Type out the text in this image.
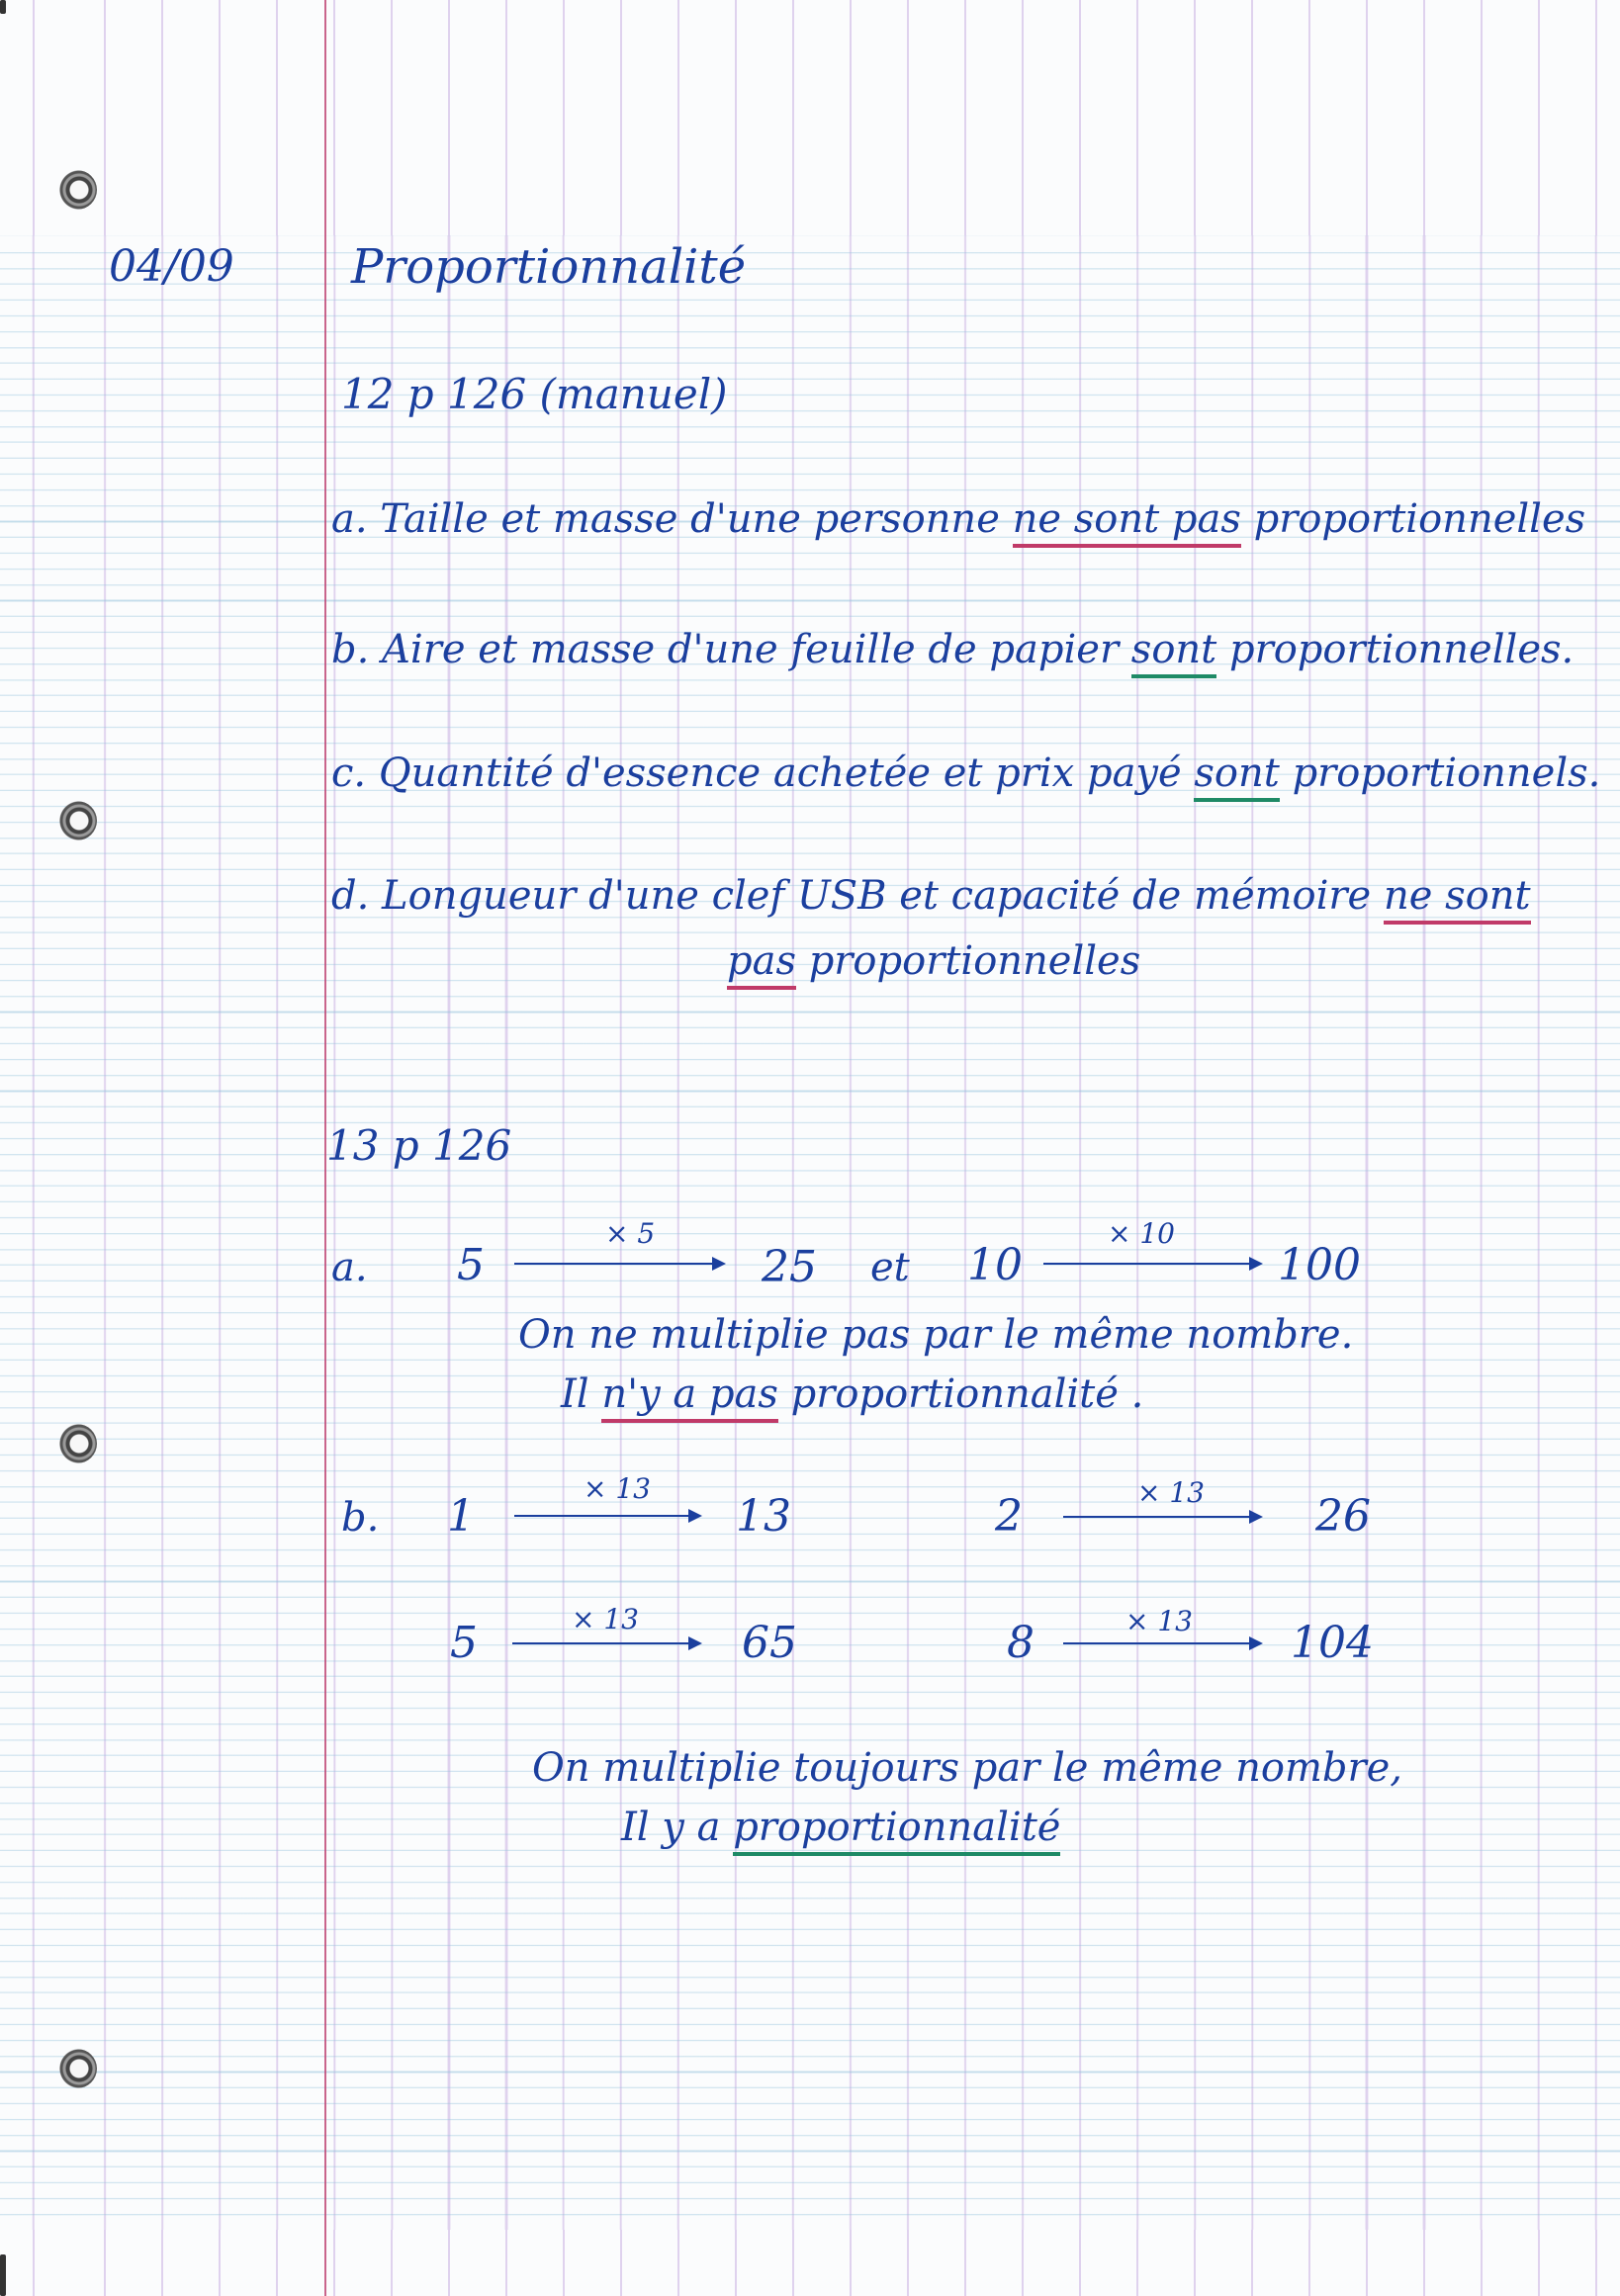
04/09 Proportionnalité
12 p 126 (manuel)
a. Taille et masse d'une personne ne sont pas proportionnelles
b. Aire et masse d'une feuille de papier sont proportionnelles.
c. Quantité d'essence achetée et prix payé sont proportionnels.
d. Longueur d'une clef USB et capacité de mémoire ne sont
pas proportionnelles
13 p 126
a. 5
× 5
25 et 10
× 10
100
On ne multiplie pas par le même nombre.
Il n'y a pas proportionnalité .
b. 1
× 13
13	2	× 13	26
5	× 13 65	8	× 13 104
On multiplie toujours par le même nombre,
Il y a proportionnalité
